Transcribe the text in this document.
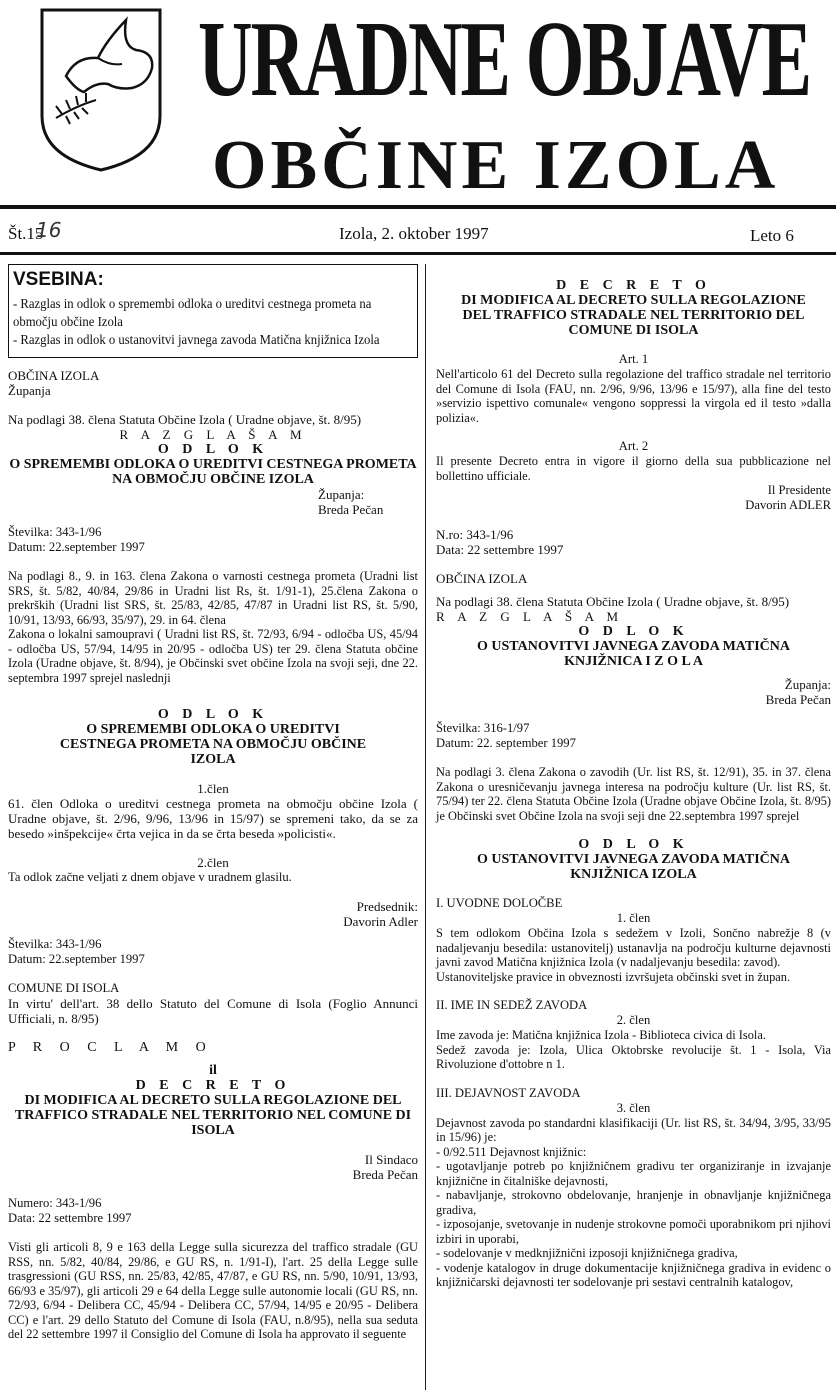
URADNE OBJAVE
OBČINE IZOLA
Št.15
16	Izola, 2. oktober 1997	Leto 6
VSEBINA:

- Razglas in odlok o spremembi odloka o ureditvi cestnega prometa na območju občine Izola

- Razglas in odlok o ustanovitvi javnega zavoda Matična knjižnica Izola

OBČINA IZOLA

Županja

Na podlagi 38. člena Statuta Občine Izola ( Uradne objave, št. 8/95)

R A Z G L A Š A M

O D L O K

O SPREMEMBI ODLOKA O UREDITVI CESTNEGA PROMETA NA OBMOČJU OBČINE IZOLA

Županja:

Breda Pečan

Številka: 343-1/96

Datum: 22.september 1997

Na podlagi 8., 9. in 163. člena Zakona o varnosti cestnega prometa (Uradni list SRS, št. 5/82, 40/84, 29/86 in Uradni list Rs, št. 1/91-1), 25.člena Zakona o prekrških (Uradni list SRS, št. 25/83, 42/85, 47/87 in Uradni list RS, št. 5/90, 10/91, 13/93, 66/93, 35/97), 29. in 64. člena

Zakona o lokalni samoupravi ( Uradni list RS, št. 72/93, 6/94 - odločba US, 45/94 - odločba US, 57/94, 14/95 in 20/95 - odločba US) ter 29. člena Statuta občine Izola (Uradne objave, št. 8/94), je Občinski svet občine Izola na svoji seji, dne 22. septembra 1997 sprejel naslednji

O D L O K

O SPREMEMBI ODLOKA O UREDITVI CESTNEGA PROMETA NA OBMOČJU OBČINE IZOLA

1.člen

61. člen Odloka o ureditvi cestnega prometa na območju občine Izola ( Uradne objave, št. 2/96, 9/96, 13/96 in 15/97) se spremeni tako, da se za besedo »inšpekcije« črta vejica in da se črta beseda »policisti«.

2.člen

Ta odlok začne veljati z dnem objave v uradnem glasilu.

Predsednik:

Davorin Adler

Številka: 343-1/96

Datum: 22.september 1997

COMUNE DI ISOLA

In virtu' dell'art. 38 dello Statuto del Comune di Isola (Foglio Annunci Ufficiali, n. 8/95)

P R O C L A M O

il

D E C R E T O

DI MODIFICA AL DECRETO SULLA REGOLAZIONE DEL TRAFFICO STRADALE NEL TERRITORIO NEL COMUNE DI ISOLA

Il Sindaco

Breda Pečan

Numero: 343-1/96

Data: 22 settembre 1997

Visti gli articoli 8, 9 e 163 della Legge sulla sicurezza del traffico stradale (GU RSS, nn. 5/82, 40/84, 29/86, e GU RS, n. 1/91-I), l'art. 25 della Legge sulle trasgressioni (GU RSS, nn. 25/83, 42/85, 47/87, e GU RS, nn. 5/90, 10/91, 13/93, 66/93 e 35/97), gli articoli 29 e 64 della Legge sulle autonomie locali (GU RS, nn. 72/93, 6/94 - Delibera CC, 45/94 - Delibera CC, 57/94, 14/95 e 20/95 - Delibera CC) e l'art. 29 dello Statuto del Comune di Isola (FAU, n.8/95), nella sua seduta del 22 settembre 1997 il Consiglio del Comune di Isola ha approvato il seguente

D E C R E T O

DI MODIFICA AL DECRETO SULLA REGOLAZIONE DEL TRAFFICO STRADALE NEL TERRITORIO DEL COMUNE DI ISOLA

Art. 1

Nell'articolo 61 del Decreto sulla regolazione del traffico stradale nel territorio del Comune di Isola (FAU, nn. 2/96, 9/96, 13/96 e 15/97), alla fine del testo »servizio ispettivo comunale« vengono soppressi la virgola ed il testo »dalla polizia«.

Art. 2

Il presente Decreto entra in vigore il giorno della sua pubblicazione nel bollettino ufficiale.

Il Presidente

Davorin ADLER

N.ro: 343-1/96

Data: 22 settembre 1997

OBČINA IZOLA

Na podlagi 38. člena Statuta Občine Izola ( Uradne objave, št. 8/95)

R A Z G L A Š A M

O D L O K

O USTANOVITVI JAVNEGA ZAVODA MATIČNA KNJIŽNICA I Z O L A

Županja:

Breda Pečan

Številka: 316-1/97

Datum: 22. september 1997

Na podlagi 3. člena Zakona o zavodih (Ur. list RS, št. 12/91), 35. in 37. člena Zakona o uresničevanju javnega interesa na področju kulture (Ur. list RS, št. 75/94) ter 22. člena Statuta Občine Izola (Uradne objave Občine Izola, št. 8/95) je Občinski svet Občine Izola na svoji seji dne 22.septembra 1997 sprejel

O D L O K

O USTANOVITVI JAVNEGA ZAVODA MATIČNA KNJIŽNICA IZOLA

I. UVODNE DOLOČBE

1. člen

S tem odlokom Občina Izola s sedežem v Izoli, Sončno nabrežje 8 (v nadaljevanju besedila: ustanovitelj) ustanavlja na področju kulturne dejavnosti javni zavod Matična knjižnica Izola (v nadaljevanju besedila: zavod).

Ustanoviteljske pravice in obveznosti izvršujeta občinski svet in župan.

II. IME IN SEDEŽ ZAVODA

2. člen

Ime zavoda je: Matična knjižnica Izola - Biblioteca civica di Isola.

Sedež zavoda je: Izola, Ulica Oktobrske revolucije št. 1 - Isola, Via Rivoluzione d'ottobre n 1.

III. DEJAVNOST ZAVODA

3. člen

Dejavnost zavoda po standardni klasifikaciji (Ur. list RS, št. 34/94, 3/95, 33/95 in 15/96) je:

- 0/92.511 Dejavnost knjižnic:

- ugotavljanje potreb po knjižničnem gradivu ter organiziranje in izvajanje knjižnične in čitalniške dejavnosti,

- nabavljanje, strokovno obdelovanje, hranjenje in obnavljanje knjižničnega gradiva,

- izposojanje, svetovanje in nudenje strokovne pomoči uporabnikom pri njihovi izbiri in uporabi,

- sodelovanje v medknjižnični izposoji knjižničnega gradiva,

- vodenje katalogov in druge dokumentacije knjižničnega gradiva in evidenc o knjižničarski dejavnosti ter sodelovanje pri sestavi centralnih katalogov,
